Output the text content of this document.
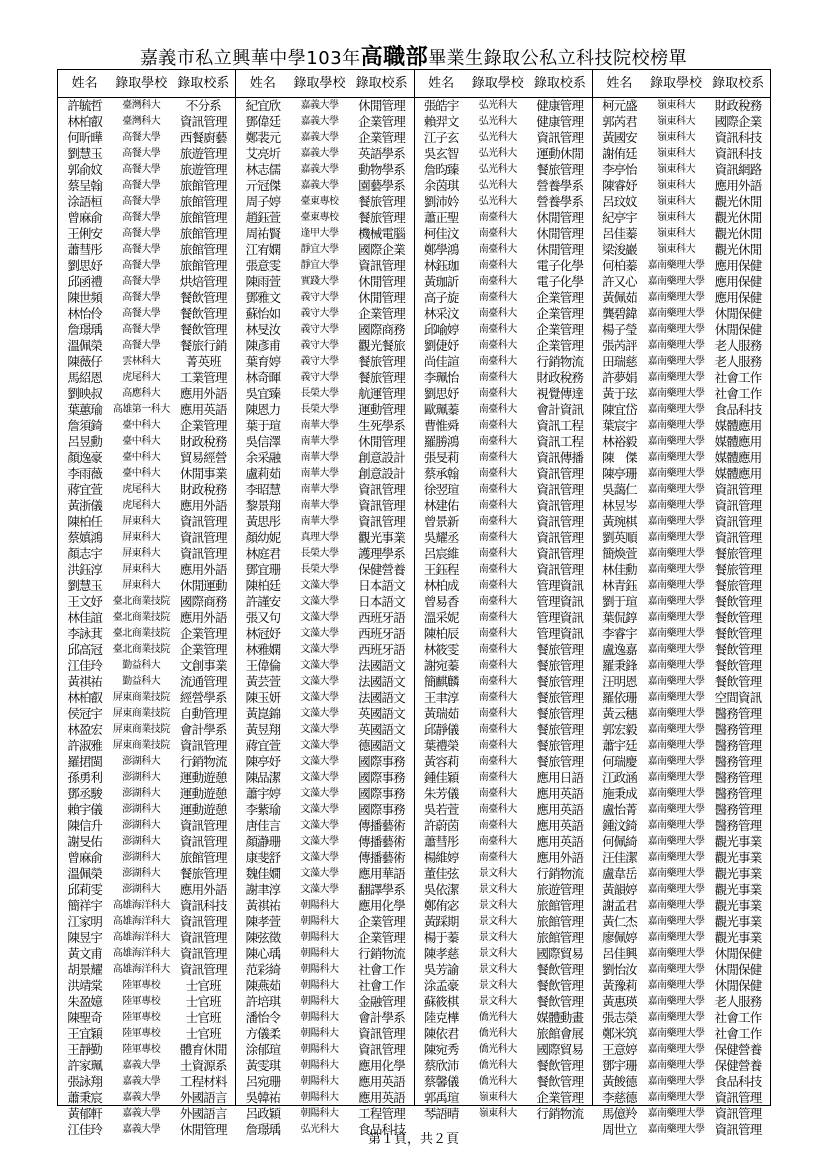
嘉義市私立興華中學103年高職部畢業生錄取公私立科技院校榜單
姓名	錄取學校 錄取校系
許毓哲	臺灣科大	不分系
林柏叡	臺灣科大	資訊管理
何昕曄	高餐大學	西餐廚藝
劉慧玉	高餐大學	旅遊管理
郭俞妏	高餐大學	旅遊管理
蔡呈翰	高餐大學	旅館管理
涂語桓	高餐大學	旅館管理
曾麻俞	高餐大學	旅館管理
王俐安	高餐大學	旅館管理
蕭彗彤	高餐大學	旅館管理
劉思妤	高餐大學	旅館管理
邱函禮	高餐大學	烘焙管理
陳世頻	高餐大學	餐飲管理
林怡伶	高餐大學	餐飲管理
詹璟瑀	高餐大學	餐飲管理
溫佩榮	高餐大學	餐旅行銷
陳薇仔	雲林科大	菁英班
馬紹恩	虎尾科大	工業管理
劉映叔	高應科大	應用外語
葉蕙瑜	高雄第一科大 應用英語
詹須錡	臺中科大	企業管理
呂昱勳	臺中科大	財政稅務
顏逸豪	臺中科大	貿易經營
李雨薇	臺中科大	休閒事業
蔣宜萱	虎尾科大	財政稅務
黃浙儀	虎尾科大	應用外語
陳柏任	屏東科大	資訊管理
蔡嫃鴻	屏東科大	資訊管理
顏志宇	屏東科大	資訊管理
洪鈺淳	屏東科大	應用外語
劉慧玉	屏東科大	休閒運動
王文妤	臺北商業技院 國際商務
林佳誼	臺北商業技院 應用外語
李詠萁	臺北商業技院 企業管理
邱高冠	臺北商業技院 企業管理
江佳玲	勤益科大	文創事業
黃祺祐	勤益科大	流通管理
林柏叡	屏東商業技院 經營學系
侯冠宇	屏東商業技院 自動管理
林盈宏	屏東商業技院 會計學系
許淑雅	屏東商業技院 資訊管理
羅捃閩	澎湖科大	行銷物流
孫勇利	澎湖科大	運動遊憩
鄧丞駿	澎湖科大	運動遊憩
賴宇儀	澎湖科大	運動遊憩
陳信升	澎湖科大	資訊管理
謝旻佑	澎湖科大	資訊管理
曾麻俞	澎湖科大	旅館管理
溫佩榮	澎湖科大	餐旅管理
邱莉雯	澎湖科大	應用外語
簡祥宇	高雄海洋科大 資訊科技
江家明	高雄海洋科大 資訊管理
陳昱宇	高雄海洋科大 資訊管理
黃文甫	高雄海洋科大 資訊管理
胡景耀	高雄海洋科大 資訊管理
洪靖棠	陸軍專校	士官班
朱盈嬑	陸軍專校	士官班
陳聖奇	陸軍專校	士官班
王宜穎	陸軍專校	士官班
王靜勤	陸軍專校	體育休閒
許家珮	嘉義大學	土資源系
張詠翔	嘉義大學	工程材料
蕭秉宸	嘉義大學	外國語言
黃郁軒	嘉義大學	外國語言
江佳玲	嘉義大學	休閒管理
姓名	錄取學校 錄取校系
紀宜欣	嘉義大學	休閒管理
鄧偉廷	嘉義大學	企業管理
鄭裴元	嘉義大學	企業管理
艾亮圻	嘉義大學	英語學系
林志儒	嘉義大學	動物學系
亓冠傑	嘉義大學	園藝學系
周子婷	臺東專校	餐旅管理
趙鈺萱	臺東專校	餐旅管理
周祐賢	逢甲大學	機械電腦
江宥嫻	靜宜大學	國際企業
張意雯	靜宜大學	資訊管理
陳雨萱	實踐大學	休閒管理
鄧雅文	義守大學	休閒管理
蘇怡如	義守大學	企業管理
林旻汝	義守大學	國際商務
陳彥甫	義守大學	觀光餐旅
葉育婷	義守大學	餐旅管理
林奇暉	義守大學	餐旅管理
吳宜臻	長榮大學	航運管理
陳恩力	長榮大學	運動管理
葉于瑄	南華大學	生死學系
吳信澤	南華大學	休閒管理
余采融	南華大學	創意設計
盧莉茹	南華大學	創意設計
李昭慧	南華大學	資訊管理
黎景翔	南華大學	資訊管理
黃思彤	南華大學	資訊管理
顏幼妮	真理大學	觀光事業
林庭君	長榮大學	護理學系
鄧宜珊	長榮大學	保健營養
陳柏廷	文藻大學	日本語文
許謹安	文藻大學	日本語文
張又句	文藻大學	西班牙語
林冠妤	文藻大學	西班牙語
林雅嫻	文藻大學	西班牙語
王偉倫	文藻大學	法國語文
黃芸萱	文藻大學	法國語文
陳玉妍	文藻大學	法國語文
黃崑錦	文藻大學	英國語文
黃昱翔	文藻大學	英國語文
蔣宜萱	文藻大學	德國語文
陳亭妤	文藻大學	國際事務
陳品潔	文藻大學	國際事務
蕭宇婷	文藻大學	國際事務
李紫瑜	文藻大學	國際事務
唐佳言	文藻大學	傳播藝術
顏瀞珊	文藻大學	傳播藝術
康斐舒	文藻大學	傳播藝術
魏佳嫺	文藻大學	應用華語
謝聿淳	文藻大學	翻譯學系
黃祺祐	朝陽科大	應用化學
陳孝萱	朝陽科大	企業管理
陳弦徵	朝陽科大	企業管理
陳心瑀	朝陽科大	行銷物流
范彩綺	朝陽科大	社會工作
陳燕茹	朝陽科大	社會工作
許培琪	朝陽科大	金融管理
潘怡令	朝陽科大	會計學系
方儀柔	朝陽科大	資訊管理
涂郁瑄	朝陽科大	資訊管理
黃雯琪	朝陽科大	應用化學
呂宛珊	朝陽科大	應用英語
吳韓祐	朝陽科大	應用英語
呂政穎	朝陽科大	工程管理
詹璟瑀	弘光科大	食品科技
姓名	錄取學校 錄取校系
張皓宇	弘光科大	健康管理
賴羿文	弘光科大	健康管理
江子玄	弘光科大	資訊管理
吳玄智	弘光科大	運動休閒
詹昀臻	弘光科大	餐旅管理
余茵琪	弘光科大	營養學系
劉沛妗	弘光科大	營養學系
蕭正聖	南臺科大	休閒管理
柯佳汶	南臺科大	休閒管理
鄭學鴻	南臺科大	休閒管理
林鈺珈	南臺科大	電子化學
黃珈訢	南臺科大	電子化學
高子旋	南臺科大	企業管理
林采汶	南臺科大	企業管理
邱喻婷	南臺科大	企業管理
劉倢妤	南臺科大	企業管理
尚佳諠	南臺科大	行銷物流
李珮怡	南臺科大	財政稅務
劉思妤	南臺科大	視覺傳達
歐珮蓁	南臺科大	會計資訊
曹惟舜	南臺科大	資訊工程
羅勝鴻	南臺科大	資訊工程
張旻莉	南臺科大	資訊傳播
蔡承翰	南臺科大	資訊管理
徐翌瑄	南臺科大	資訊管理
林建佑	南臺科大	資訊管理
曾景新	南臺科大	資訊管理
吳耀丞	南臺科大	資訊管理
呂宸維	南臺科大	資訊管理
王鈺程	南臺科大	資訊管理
林柏成	南臺科大	管理資訊
曾易香	南臺科大	管理資訊
溫采妮	南臺科大	管理資訊
陳柏辰	南臺科大	管理資訊
林筱雯	南臺科大	餐旅管理
謝宛蓁	南臺科大	餐旅管理
簡麒麟	南臺科大	餐旅管理
王聿淳	南臺科大	餐旅管理
黃瑞茹	南臺科大	餐旅管理
邱靜儀	南臺科大	餐旅管理
葉禮榮	南臺科大	餐旅管理
黃容莉	南臺科大	餐旅管理
鍾佳穎	南臺科大	應用日語
朱芳儀	南臺科大	應用英語
吳若萱	南臺科大	應用英語
許蔚茵	南臺科大	應用英語
蕭彗彤	南臺科大	應用英語
楊維婷	南臺科大	應用外語
董佳弦	景文科大	行銷物流
吳依潔	景文科大	旅遊管理
鄭侑宓	景文科大	旅館管理
黃踩期	景文科大	旅館管理
楊于蓁	景文科大	旅館管理
陳孝慈	景文科大	國際貿易
吳芳諭	景文科大	餐飲管理
涂孟豪	景文科大	餐飲管理
蘇筱棋	景文科大	餐飲管理
陸克樺	僑光科大	媒體動畫
陳依君	僑光科大	旅館會展
陳宛秀	僑光科大	國際貿易
蔡欣沛	僑光科大	餐飲管理
蔡馨儀	僑光科大	餐飲管理
郭禹瑄	嶺東科大	企業管理
琴語晴	嶺東科大	行銷物流
姓名	錄取學校 錄取校系
柯元盛	嶺東科大	財政稅務
郭芮君	嶺東科大	國際企業
黃國安	嶺東科大	資訊科技
謝侑廷	嶺東科大	資訊科技
李亭怡	嶺東科大	資訊網路
陳睿妤	嶺東科大	應用外語
呂玟妏	嶺東科大	觀光休閒
紀亭宇	嶺東科大	觀光休閒
呂佳蓁	嶺東科大	觀光休閒
梁浚巖	嶺東科大	觀光休閒
何柏蓁	嘉南藥理大學 應用保健
許又心	嘉南藥理大學 應用保健
黃佩茹	嘉南藥理大學 應用保健
龔碧鍏	嘉南藥理大學 休閒保健
楊子瑩	嘉南藥理大學 休閒保健
張芮評	嘉南藥理大學 老人服務
田瑞慈	嘉南藥理大學 老人服務
許夢娟	嘉南藥理大學 社會工作
黃于玹	嘉南藥理大學 社會工作
陳宜岱	嘉南藥理大學 食品科技
葉宸宇	嘉南藥理大學 媒體應用
林裕毅	嘉南藥理大學 媒體應用
陳　傑	嘉南藥理大學 媒體應用
陳亭珊	嘉南藥理大學 媒體應用
吳藹仁	嘉南藥理大學 資訊管理
林昱岑	嘉南藥理大學 資訊管理
黃琬棋	嘉南藥理大學 資訊管理
劉英順	嘉南藥理大學 資訊管理
簡煥萱	嘉南藥理大學 餐旅管理
林佳勳	嘉南藥理大學 餐旅管理
林青鈺	嘉南藥理大學 餐旅管理
劉于瑄	嘉南藥理大學 餐飲管理
葉侃錞	嘉南藥理大學 餐飲管理
李睿宇	嘉南藥理大學 餐飲管理
盧逸嘉	嘉南藥理大學 餐飲管理
羅秉鋒	嘉南藥理大學 餐飲管理
汪明恩	嘉南藥理大學 餐飲管理
羅依珊	嘉南藥理大學 空間資訊
黃云穗	嘉南藥理大學 醫務管理
郭宏毅	嘉南藥理大學 醫務管理
蕭宇廷	嘉南藥理大學 醫務管理
何瑞慶	嘉南藥理大學 醫務管理
江政涵	嘉南藥理大學 醫務管理
施秉成	嘉南藥理大學 醫務管理
盧怡菁	嘉南藥理大學 醫務管理
鍾汶錡	嘉南藥理大學 醫務管理
何佩綺	嘉南藥理大學 觀光事業
汪佳潔	嘉南藥理大學 觀光事業
盧韋岳	嘉南藥理大學 觀光事業
黃韻婷	嘉南藥理大學 觀光事業
謝孟君	嘉南藥理大學 觀光事業
黃仁杰	嘉南藥理大學 觀光事業
廖佩婷	嘉南藥理大學 觀光事業
呂佳興	嘉南藥理大學 休閒保健
劉怡汝	嘉南藥理大學 休閒保健
黃豫莉	嘉南藥理大學 休閒保健
黃惠瑛	嘉南藥理大學 老人服務
張志榮	嘉南藥理大學 社會工作
鄭米筑	嘉南藥理大學 社會工作
王意婷	嘉南藥理大學 保健營養
鄧宇珊	嘉南藥理大學 保健營養
黃餕德	嘉南藥理大學 食品科技
李慈德	嘉南藥理大學 資訊管理
馬億羚	嘉南藥理大學 資訊管理
周世立	嘉南藥理大學 資訊管理
第１頁，共２頁
